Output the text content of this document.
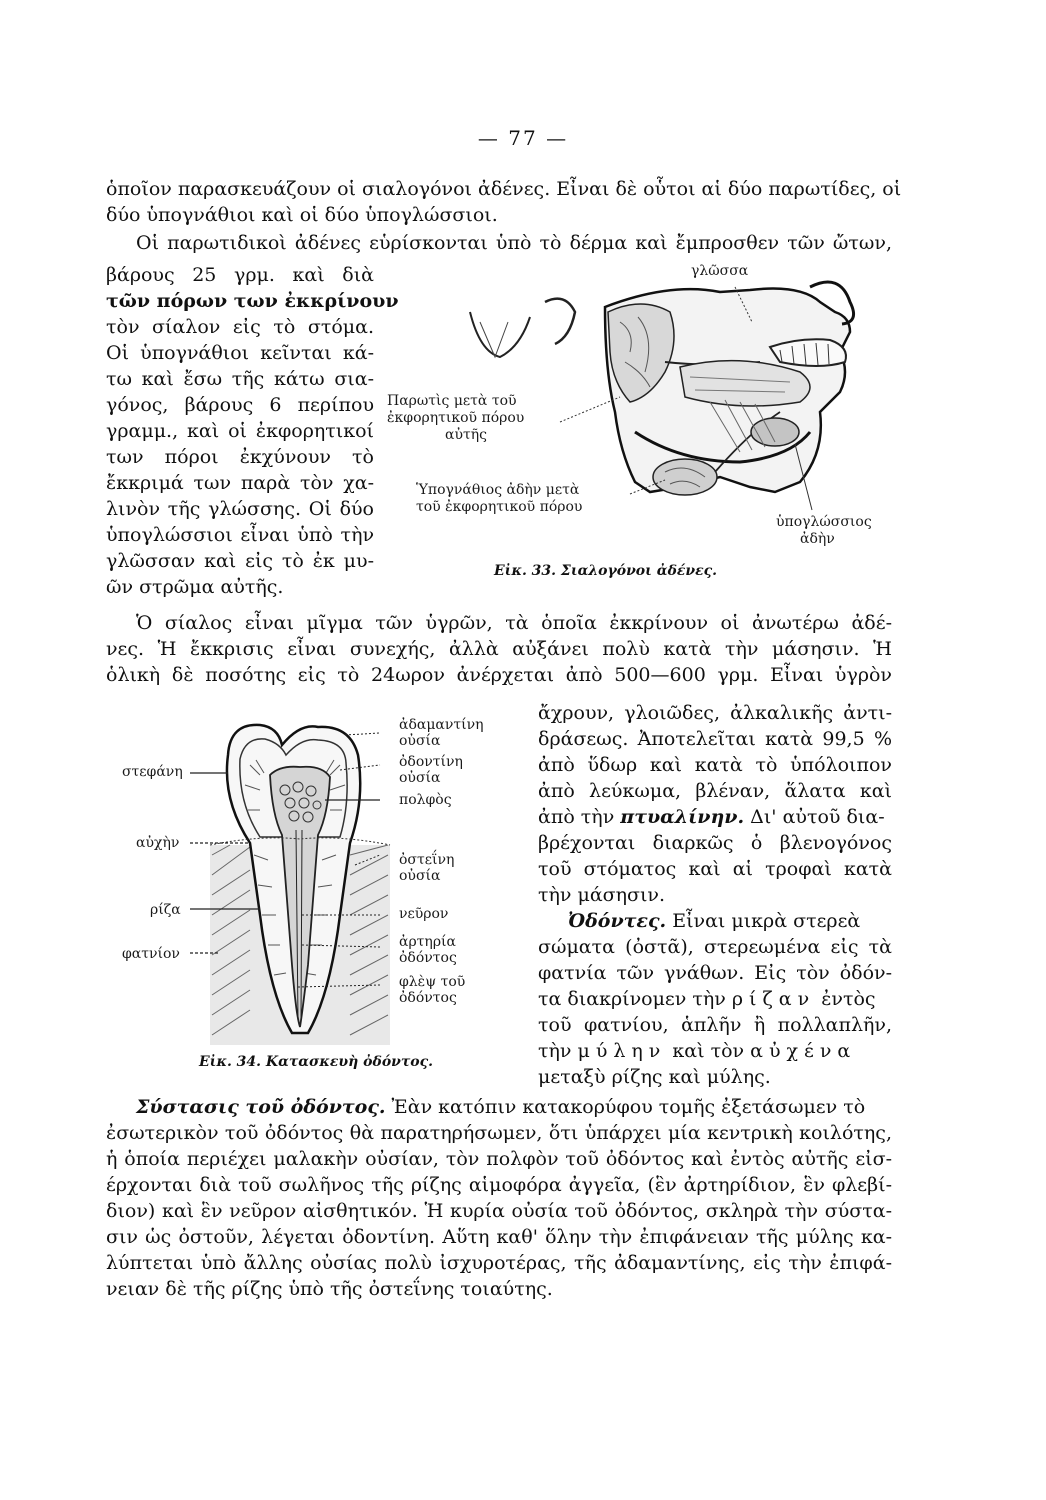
— 77 —
ὁποῖον παρασκευάζουν οἱ σιαλογόνοι ἀδένες. Εἶναι δὲ οὗτοι αἱ δύο παρωτίδες, οἱ
δύο ὑπογνάθιοι καὶ οἱ δύο ὑπογλώσσιοι.
Οἱ παρωτιδικοὶ ἀδένες εὑρίσκονται ὑπὸ τὸ δέρμα καὶ ἔμπροσθεν τῶν ὤτων,
βάρους 25 γρμ. καὶ διὰ
τῶν πόρων των ἐκκρίνουν
τὸν σίαλον εἰς τὸ στόμα.
Οἱ ὑπογνάθιοι κεῖνται κά-
τω καὶ ἔσω τῆς κάτω σια-
γόνος, βάρους 6 περίπου
γραμμ., καὶ οἱ ἐκφορητικοί
των πόροι ἐκχύνουν τὸ
ἔκκριμά των παρὰ τὸν χα-
λινὸν τῆς γλώσσης. Οἱ δύο
ὑπογλώσσιοι εἶναι ὑπὸ τὴν
γλῶσσαν καὶ εἰς τὸ ἐκ μυ-
ῶν στρῶμα αὐτῆς.
γλῶσσα
Παρωτὶς μετὰ τοῦ
ἐκφορητικοῦ πόρου
αὐτῆς
Ὑπογνάθιος ἀδὴν μετὰ
τοῦ ἐκφορητικοῦ πόρου
ὑπογλώσσιος
ἀδὴν
Εἰκ. 33. Σιαλογόνοι ἀδένες.
Ὁ σίαλος εἶναι μῖγμα τῶν ὑγρῶν, τὰ ὁποῖα ἐκκρίνουν οἱ ἀνωτέρω ἀδέ-
νες. Ἡ ἔκκρισις εἶναι συνεχής, ἀλλὰ αὐξάνει πολὺ κατὰ τὴν μάσησιν. Ἡ
ὁλικὴ δὲ ποσότης εἰς τὸ 24ωρον ἀνέρχεται ἀπὸ 500—600 γρμ. Εἶναι ὑγρὸν
στεφάνη
αὐχὴν
ρίζα
φατνίον
ἀδαμαντίνη
οὐσία
ὀδοντίνη
οὐσία
πολφὸς
ὀστεΐνη
οὐσία
νεῦρον
ἀρτηρία
ὀδόντος
φλὲψ τοῦ
ὀδόντος
Εἰκ. 34. Κατασκευὴ ὀδόντος.
ἄχρουν, γλοιῶδες, ἀλκαλικῆς ἀντι-
δράσεως. Ἀποτελεῖται κατὰ 99,5 %
ἀπὸ ὕδωρ καὶ κατὰ τὸ ὑπόλοιπον
ἀπὸ λεύκωμα, βλέναν, ἅλατα καὶ
ἀπὸ τὴν πτυαλίνην. Δι' αὐτοῦ δια-
βρέχονται διαρκῶς ὁ βλενογόνος
τοῦ στόματος καὶ αἱ τροφαὶ κατὰ
τὴν μάσησιν.
Ὀδόντες. Εἶναι μικρὰ στερεὰ
σώματα (ὀστᾶ), στερεωμένα εἰς τὰ
φατνία τῶν γνάθων. Εἰς τὸν ὀδόν-
τα διακρίνομεν τὴν ρίζαν ἐντὸς
τοῦ φατνίου, ἁπλῆν ἢ πολλαπλῆν,
τὴν μύλην καὶ τὸν αὐχένα
μεταξὺ ρίζης καὶ μύλης.
Σύστασις τοῦ ὀδόντος. Ἐὰν κατόπιν κατακορύφου τομῆς ἐξετάσωμεν τὸ
ἐσωτερικὸν τοῦ ὀδόντος θὰ παρατηρήσωμεν, ὅτι ὑπάρχει μία κεντρικὴ κοιλότης,
ἡ ὁποία περιέχει μαλακὴν οὐσίαν, τὸν πολφὸν τοῦ ὀδόντος καὶ ἐντὸς αὐτῆς εἰσ-
έρχονται διὰ τοῦ σωλῆνος τῆς ρίζης αἱμοφόρα ἀγγεῖα, (ἓν ἀρτηρίδιον, ἓν φλεβί-
διον) καὶ ἓν νεῦρον αἰσθητικόν. Ἡ κυρία οὐσία τοῦ ὀδόντος, σκληρὰ τὴν σύστα-
σιν ὡς ὀστοῦν, λέγεται ὀδοντίνη. Αὕτη καθ' ὅλην τὴν ἐπιφάνειαν τῆς μύλης κα-
λύπτεται ὑπὸ ἄλλης οὐσίας πολὺ ἰσχυροτέρας, τῆς ἀδαμαντίνης, εἰς τὴν ἐπιφά-
νειαν δὲ τῆς ρίζης ὑπὸ τῆς ὀστεΐνης τοιαύτης.
